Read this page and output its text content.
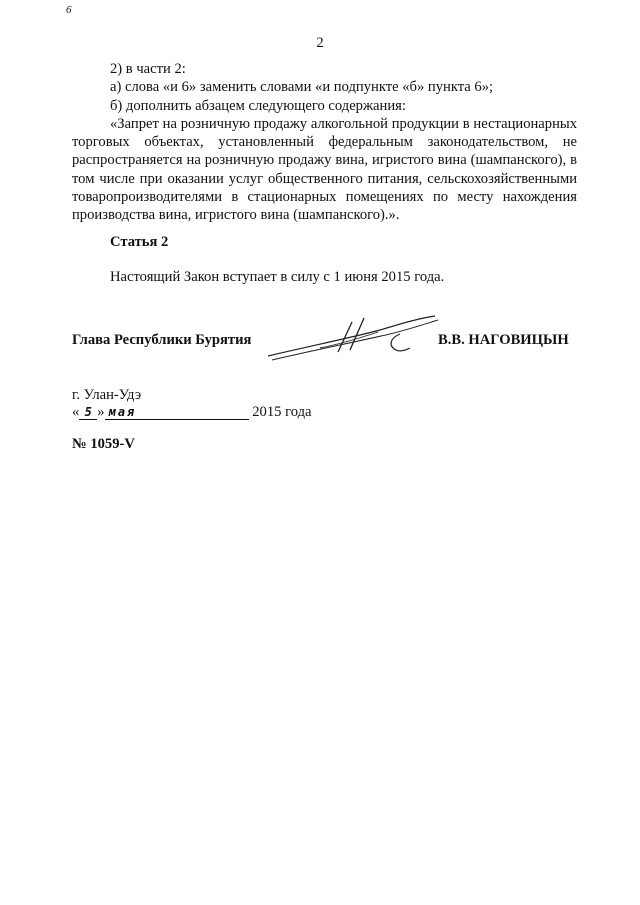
6
2

2) в части 2:

а) слова «и 6» заменить словами «и подпункте «б» пункта 6»;

б) дополнить абзацем следующего содержания:

«Запрет на розничную продажу алкогольной продукции в нестационарных торговых объектах, установленный федеральным законодательством, не распространяется на розничную продажу вина, игристого вина (шампанского), в том числе при оказании услуг общественного питания, сельскохозяйственными товаропроизводителями в стационарных помещениях по месту нахождения производства вина, игристого вина (шампанского).».

Статья 2
Настоящий Закон вступает в силу с 1 июня 2015 года.
Глава Республики Бурятия	В.В. НАГОВИЦЫН
г. Улан-Удэ
« 5 » мая	2015 года
№ 1059-V
